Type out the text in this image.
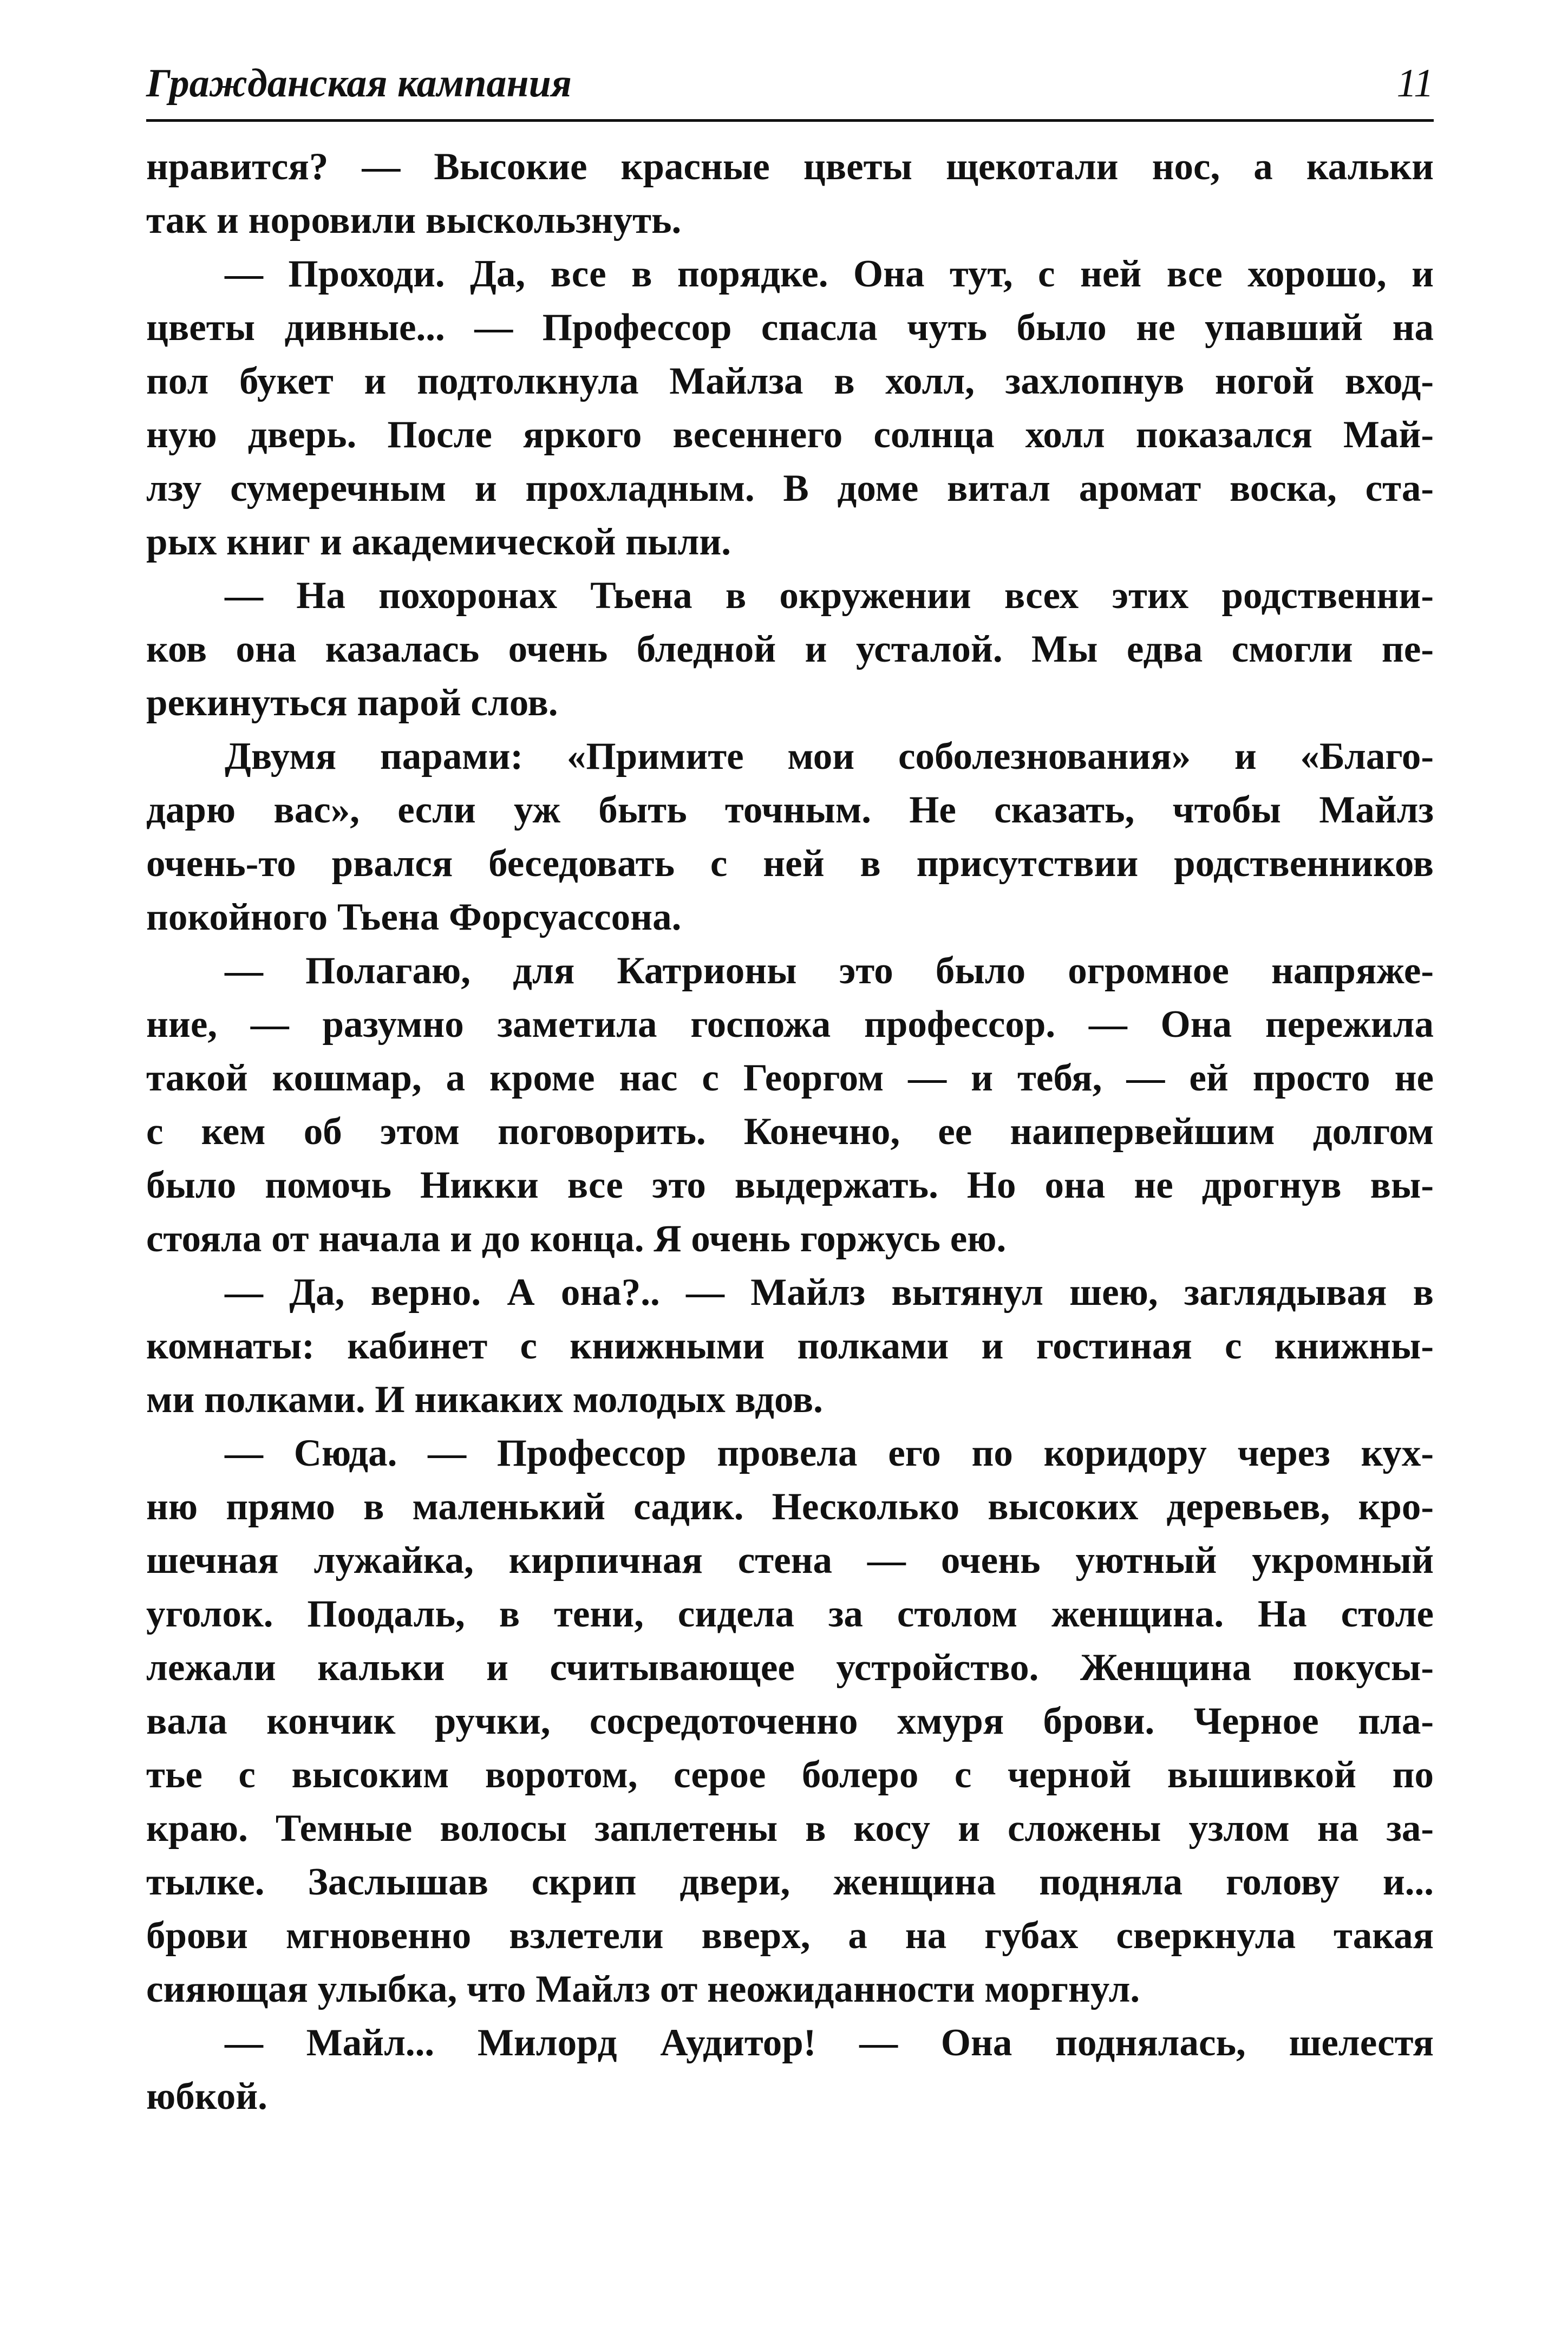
Гражданская кампания	11
нравится? — Высокие красные цветы щекотали нос, а кальки
так и норовили выскользнуть.
— Проходи. Да, все в порядке. Она тут, с ней все хорошо, и
цветы дивные... — Профессор спасла чуть было не упавший на
пол букет и подтолкнула Майлза в холл, захлопнув ногой вход-
ную дверь. После яркого весеннего солнца холл показался Май-
лзу сумеречным и прохладным. В доме витал аромат воска, ста-
рых книг и академической пыли.
— На похоронах Тьена в окружении всех этих родственни-
ков она казалась очень бледной и усталой. Мы едва смогли пе-
рекинуться парой слов.
Двумя парами: «Примите мои соболезнования» и «Благо-
дарю вас», если уж быть точным. Не сказать, чтобы Майлз
очень-то рвался беседовать с ней в присутствии родственников
покойного Тьена Форсуассона.
— Полагаю, для Катрионы это было огромное напряже-
ние, — разумно заметила госпожа профессор. — Она пережила
такой кошмар, а кроме нас с Георгом — и тебя, — ей просто не
с кем об этом поговорить. Конечно, ее наипервейшим долгом
было помочь Никки все это выдержать. Но она не дрогнув вы-
стояла от начала и до конца. Я очень горжусь ею.
— Да, верно. А она?.. — Майлз вытянул шею, заглядывая в
комнаты: кабинет с книжными полками и гостиная с книжны-
ми полками. И никаких молодых вдов.
— Сюда. — Профессор провела его по коридору через кух-
ню прямо в маленький садик. Несколько высоких деревьев, кро-
шечная лужайка, кирпичная стена — очень уютный укромный
уголок. Поодаль, в тени, сидела за столом женщина. На столе
лежали кальки и считывающее устройство. Женщина покусы-
вала кончик ручки, сосредоточенно хмуря брови. Черное пла-
тье с высоким воротом, серое болеро с черной вышивкой по
краю. Темные волосы заплетены в косу и сложены узлом на за-
тылке. Заслышав скрип двери, женщина подняла голову и...
брови мгновенно взлетели вверх, а на губах сверкнула такая
сияющая улыбка, что Майлз от неожиданности моргнул.
— Майл... Милорд Аудитор! — Она поднялась, шелестя
юбкой.
